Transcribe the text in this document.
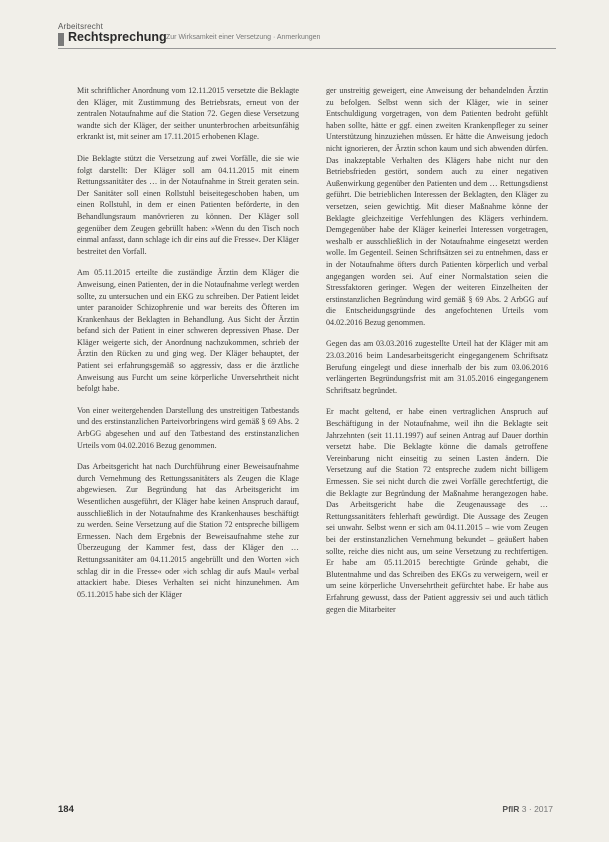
Arbeitsrecht
Rechtsprechung Zur Wirksamkeit einer Versetzung · Anmerkungen

Mit schriftlicher Anordnung vom 12.11.2015 versetzte die Beklagte den Kläger, mit Zustimmung des Betriebsrats, erneut von der zentralen Notaufnahme auf die Station 72. Gegen diese Versetzung wandte sich der Kläger, der seither ununterbrochen arbeitsunfähig erkrankt ist, mit seiner am 17.11.2015 erhobenen Klage.

Die Beklagte stützt die Versetzung auf zwei Vorfälle, die sie wie folgt darstellt: Der Kläger soll am 04.11.2015 mit einem Rettungssanitäter des … in der Notaufnahme in Streit geraten sein. Der Sanitäter soll einen Rollstuhl beiseitegeschoben haben, um einen Rollstuhl, in dem er einen Patienten beförderte, in den Behandlungsraum manövrieren zu können. Der Kläger soll gegenüber dem Zeugen gebrüllt haben: »Wenn du den Tisch noch einmal anfasst, dann schlage ich dir eins auf die Fresse«. Der Kläger bestreitet den Vorfall.

Am 05.11.2015 erteilte die zuständige Ärztin dem Kläger die Anweisung, einen Patienten, der in die Notaufnahme verlegt werden sollte, zu untersuchen und ein EKG zu schreiben. Der Patient leidet unter paranoider Schizophrenie und war bereits des Öfteren im Krankenhaus der Beklagten in Behandlung. Aus Sicht der Ärztin befand sich der Patient in einer schweren depressiven Phase. Der Kläger weigerte sich, der Anordnung nachzukommen, schrieb der Ärztin den Rücken zu und ging weg. Der Kläger behauptet, der Patient sei erfahrungsgemäß so aggressiv, dass er die ärztliche Anweisung aus Furcht um seine körperliche Unversehrtheit nicht befolgt habe.

Von einer weitergehenden Darstellung des unstreitigen Tatbestands und des erstinstanzlichen Parteivorbringens wird gemäß § 69 Abs. 2 ArbGG abgesehen und auf den Tatbestand des erstinstanzlichen Urteils vom 04.02.2016 Bezug genommen.

Das Arbeitsgericht hat nach Durchführung einer Beweisaufnahme durch Vernehmung des Rettungssanitäters als Zeugen die Klage abgewiesen. Zur Begründung hat das Arbeitsgericht im Wesentlichen ausgeführt, der Kläger habe keinen Anspruch darauf, ausschließlich in der Notaufnahme des Krankenhauses beschäftigt zu werden. Seine Versetzung auf die Station 72 entspreche billigem Ermessen. Nach dem Ergebnis der Beweisaufnahme stehe zur Überzeugung der Kammer fest, dass der Kläger den … Rettungssanitäter am 04.11.2015 angebrüllt und den Worten »ich schlag dir in die Fresse« oder »ich schlag dir aufs Maul« verbal attackiert habe. Dieses Verhalten sei nicht hinzunehmen. Am 05.11.2015 habe sich der Kläger

ger unstreitig geweigert, eine Anweisung der behandelnden Ärztin zu befolgen. Selbst wenn sich der Kläger, wie in seiner Entschuldigung vorgetragen, von dem Patienten bedroht gefühlt haben sollte, hätte er ggf. einen zweiten Krankenpfleger zu seiner Unterstützung hinzuziehen müssen. Er hätte die Anweisung jedoch nicht ignorieren, der Ärztin schon kaum und sich abwenden dürfen. Das inakzeptable Verhalten des Klägers habe nicht nur den Betriebsfrieden gestört, sondern auch zu einer negativen Außenwirkung gegenüber den Patienten und dem … Rettungsdienst geführt. Die betrieblichen Interessen der Beklagten, den Kläger zu versetzen, seien gewichtig. Mit dieser Maßnahme könne der Beklagte gleichzeitige Verfehlungen des Klägers verhindern. Demgegenüber habe der Kläger keinerlei Interessen vorgetragen, weshalb er ausschließlich in der Notaufnahme eingesetzt werden wolle. Im Gegenteil. Seinen Schriftsätzen sei zu entnehmen, dass er in der Notaufnahme öfters durch Patienten körperlich und verbal angegangen worden sei. Auf einer Normalstation seien die Stressfaktoren geringer. Wegen der weiteren Einzelheiten der erstinstanzlichen Begründung wird gemäß § 69 Abs. 2 ArbGG auf die Entscheidungsgründe des angefochtenen Urteils vom 04.02.2016 Bezug genommen.

Gegen das am 03.03.2016 zugestellte Urteil hat der Kläger mit am 23.03.2016 beim Landesarbeitsgericht eingegangenem Schriftsatz Berufung eingelegt und diese innerhalb der bis zum 03.06.2016 verlängerten Begründungsfrist mit am 31.05.2016 eingegangenem Schriftsatz begründet.

Er macht geltend, er habe einen vertraglichen Anspruch auf Beschäftigung in der Notaufnahme, weil ihn die Beklagte seit Jahrzehnten (seit 11.11.1997) auf seinen Antrag auf Dauer dorthin versetzt habe. Die Beklagte könne die damals getroffene Vereinbarung nicht einseitig zu seinen Lasten ändern. Die Versetzung auf die Station 72 entspreche zudem nicht billigem Ermessen. Sie sei nicht durch die zwei Vorfälle gerechtfertigt, die die Beklagte zur Begründung der Maßnahme herangezogen habe. Das Arbeitsgericht habe die Zeugenaussage des … Rettungssanitäters fehlerhaft gewürdigt. Die Aussage des Zeugen sei unwahr. Selbst wenn er sich am 04.11.2015 – wie vom Zeugen bei der erstinstanzlichen Vernehmung bekundet – geäußert haben sollte, reiche dies nicht aus, um seine Versetzung zu rechtfertigen. Er habe am 05.11.2015 berechtigte Gründe gehabt, die Blutentnahme und das Schreiben des EKGs zu verweigern, weil er um seine körperliche Unversehrtheit gefürchtet habe. Er habe aus Erfahrung gewusst, dass der Patient aggressiv sei und auch tätlich gegen die Mitarbeiter

184	PflR 3 · 2017
